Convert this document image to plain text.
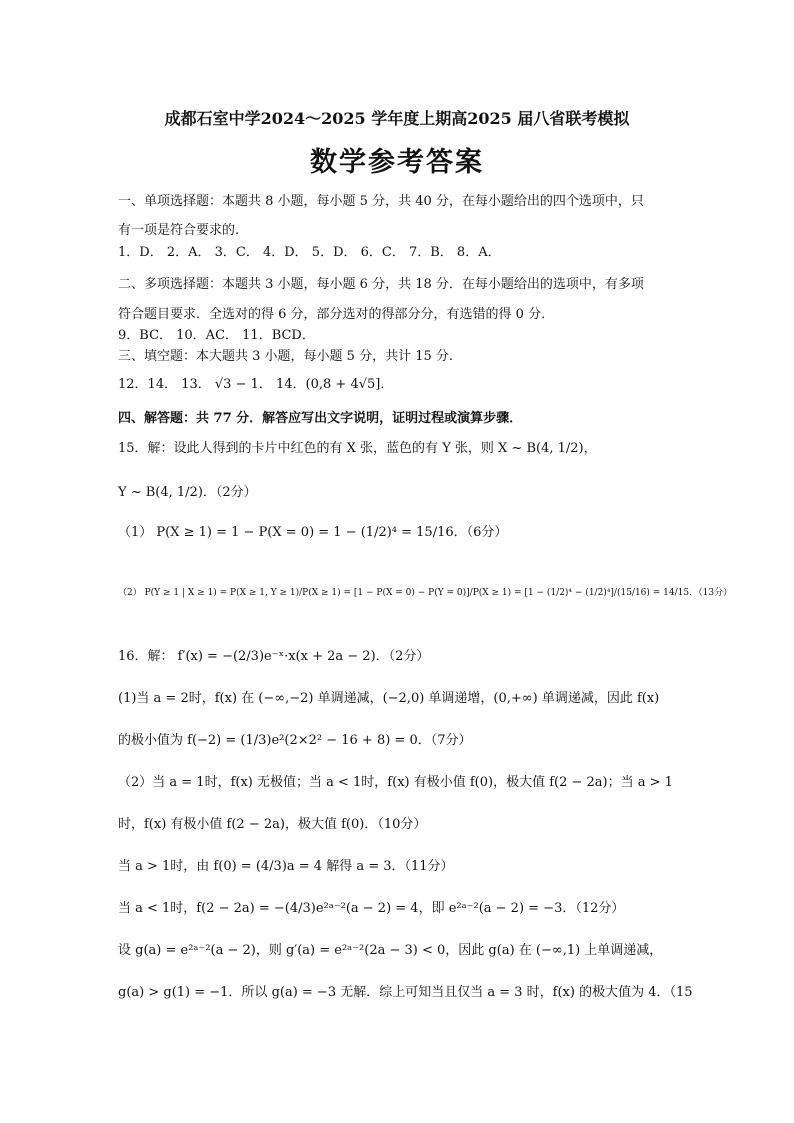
成都石室中学2024～2025 学年度上期高2025 届八省联考模拟
数学参考答案
一、单项选择题：本题共 8 小题，每小题 5 分，共 40 分，在每小题给出的四个选项中，只
有一项是符合要求的.
1．D． 2．A． 3．C． 4．D． 5．D． 6．C． 7．B． 8．A．
二、多项选择题：本题共 3 小题，每小题 6 分，共 18 分．在每小题给出的选项中，有多项
符合题目要求．全选对的得 6 分，部分选对的得部分分，有选错的得 0 分．
9．BC． 10．AC． 11．BCD．
三、填空题：本大题共 3 小题，每小题 5 分，共计 15 分.
12．14． 13． √3 − 1． 14．(0,8 + 4√5]．
四、解答题：共 77 分．解答应写出文字说明，证明过程或演算步骤．
15．解：设此人得到的卡片中红色的有 X 张，蓝色的有 Y 张，则 X ~ B(4, 1/2)，
Y ~ B(4, 1/2)．（2分）
（1） P(X ≥ 1) = 1 − P(X = 0) = 1 − (1/2)⁴ = 15/16．（6分）
（2） P(Y ≥ 1 | X ≥ 1) = P(X ≥ 1, Y ≥ 1)/P(X ≥ 1) = [1 − P(X = 0) − P(Y = 0)]/P(X ≥ 1) = [1 − (1/2)⁴ − (1/2)⁴]/(15/16) = 14/15．（13分）
16．解： f′(x) = −(2/3)e⁻ˣ·x(x + 2a − 2)．（2分）
(1)当 a = 2时，f(x) 在 (−∞,−2) 单调递减，(−2,0) 单调递增，(0,+∞) 单调递减，因此 f(x)
的极小值为 f(−2) = (1/3)e²(2×2² − 16 + 8) = 0．（7分）
（2）当 a = 1时，f(x) 无极值；当 a < 1时，f(x) 有极小值 f(0)，极大值 f(2 − 2a)；当 a > 1
时，f(x) 有极小值 f(2 − 2a)，极大值 f(0)．（10分）
当 a > 1时，由 f(0) = (4/3)a = 4 解得 a = 3．（11分）
当 a < 1时，f(2 − 2a) = −(4/3)e²ᵃ⁻²(a − 2) = 4，即 e²ᵃ⁻²(a − 2) = −3．（12分）
设 g(a) = e²ᵃ⁻²(a − 2)，则 g′(a) = e²ᵃ⁻²(2a − 3) < 0，因此 g(a) 在 (−∞,1) 上单调递减，
g(a) > g(1) = −1．所以 g(a) = −3 无解．综上可知当且仅当 a = 3 时，f(x) 的极大值为 4．（15
